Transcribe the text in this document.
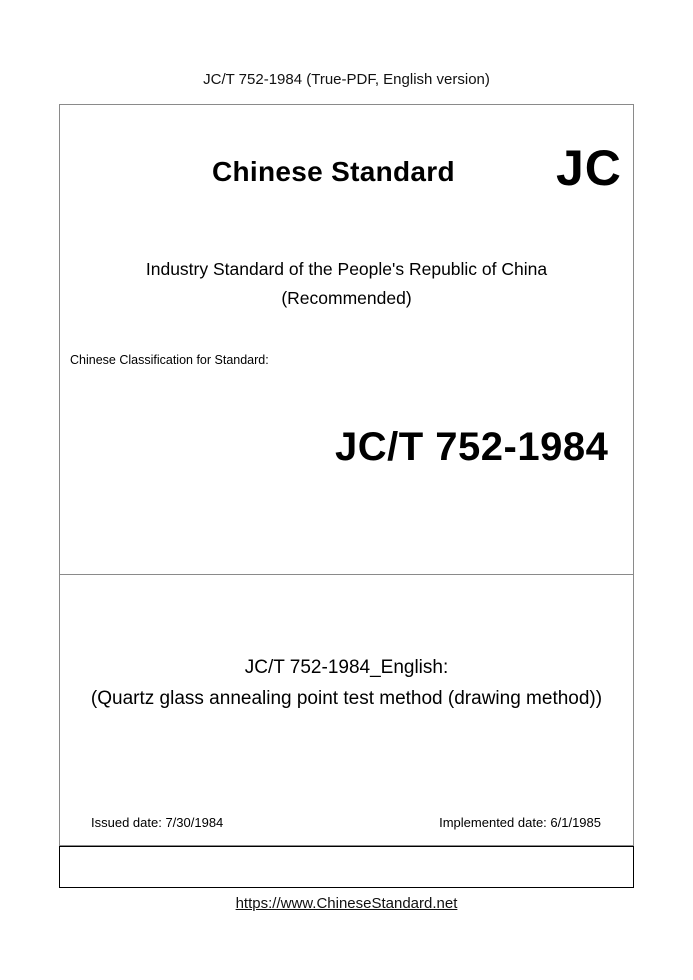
JC/T 752-1984 (True-PDF, English version)
Chinese Standard JC
Industry Standard of the People's Republic of China
(Recommended)
Chinese Classification for Standard:
JC/T 752-1984
JC/T 752-1984_English:
(Quartz glass annealing point test method (drawing method))
Issued date: 7/30/1984	Implemented date: 6/1/1985
https://www.ChineseStandard.net
